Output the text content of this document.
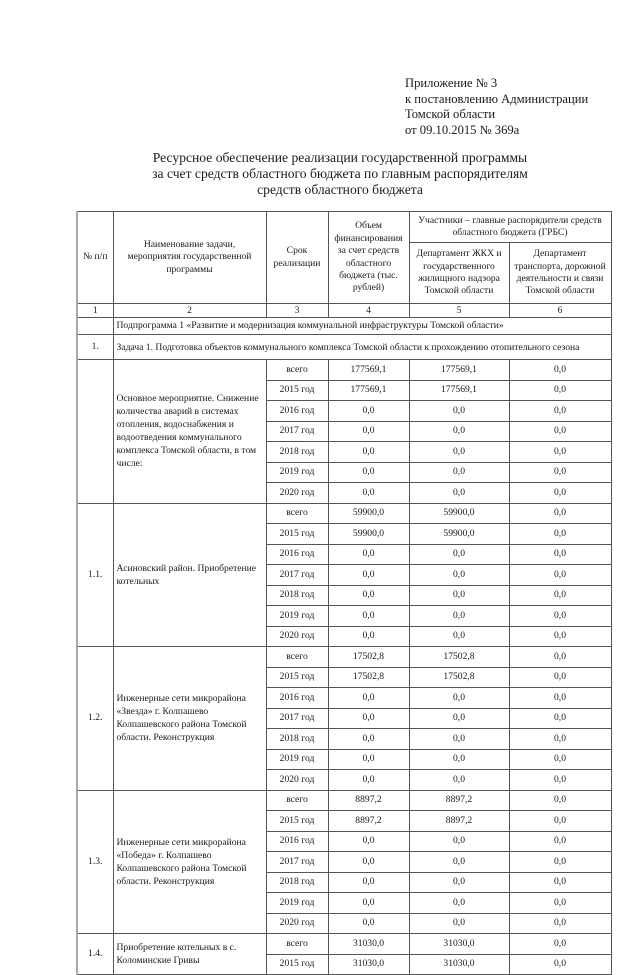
Приложение № 3
к постановлению Администрации
Томской области
от 09.10.2015 № 369а
Ресурсное обеспечение реализации государственной программы
за счет средств областного бюджета по главным распорядителям
средств областного бюджета
№ п/п	Наименование задачи, мероприятия государственной программы	Срок реализации	Объем финансирования за счет средств областного бюджета (тыс. рублей)	Участники – главные распорядители средств областного бюджета (ГРБС)	
				Департамент ЖКХ и государственного жилищного надзора Томской области	Департамент транспорта, дорожной деятельности и связи Томской области
1	2	3	4	5	6
	Подпрограмма 1 «Развитие и модернизация коммунальной инфраструктуры Томской области»				
1.	Задача 1. Подготовка объектов коммунального комплекса Томской области к прохождению отопительного сезона				
	Основное мероприятие. Снижение количества аварий в системах отопления, водоснабжения и водоотведения коммунального комплекса Томской области, в том числе:	всего	177569,1	177569,1	0,0
		2015 год	177569,1	177569,1	0,0
		2016 год	0,0	0,0	0,0
		2017 год	0,0	0,0	0,0
		2018 год	0,0	0,0	0,0
		2019 год	0,0	0,0	0,0
		2020 год	0,0	0,0	0,0
1.1.	Асиновский район. Приобретение котельных	всего	59900,0	59900,0	0,0
		2015 год	59900,0	59900,0	0,0
		2016 год	0,0	0,0	0,0
		2017 год	0,0	0,0	0,0
		2018 год	0,0	0,0	0,0
		2019 год	0,0	0,0	0,0
		2020 год	0,0	0,0	0,0
1.2.	Инженерные сети микрорайона «Звезда» г. Колпашево Колпашевского района Томской области. Реконструкция	всего	17502,8	17502,8	0,0
		2015 год	17502,8	17502,8	0,0
		2016 год	0,0	0,0	0,0
		2017 год	0,0	0,0	0,0
		2018 год	0,0	0,0	0,0
		2019 год	0,0	0,0	0,0
		2020 год	0,0	0,0	0,0
1.3.	Инженерные сети микрорайона «Победа» г. Колпашево Колпашевского района Томской области. Реконструкция	всего	8897,2	8897,2	0,0
		2015 год	8897,2	8897,2	0,0
		2016 год	0,0	0,0	0,0
		2017 год	0,0	0,0	0,0
		2018 год	0,0	0,0	0,0
		2019 год	0,0	0,0	0,0
		2020 год	0,0	0,0	0,0
1.4.	Приобретение котельных в с. Коломинские Гривы	всего	31030,0	31030,0	0,0
		2015 год	31030,0	31030,0	0,0
